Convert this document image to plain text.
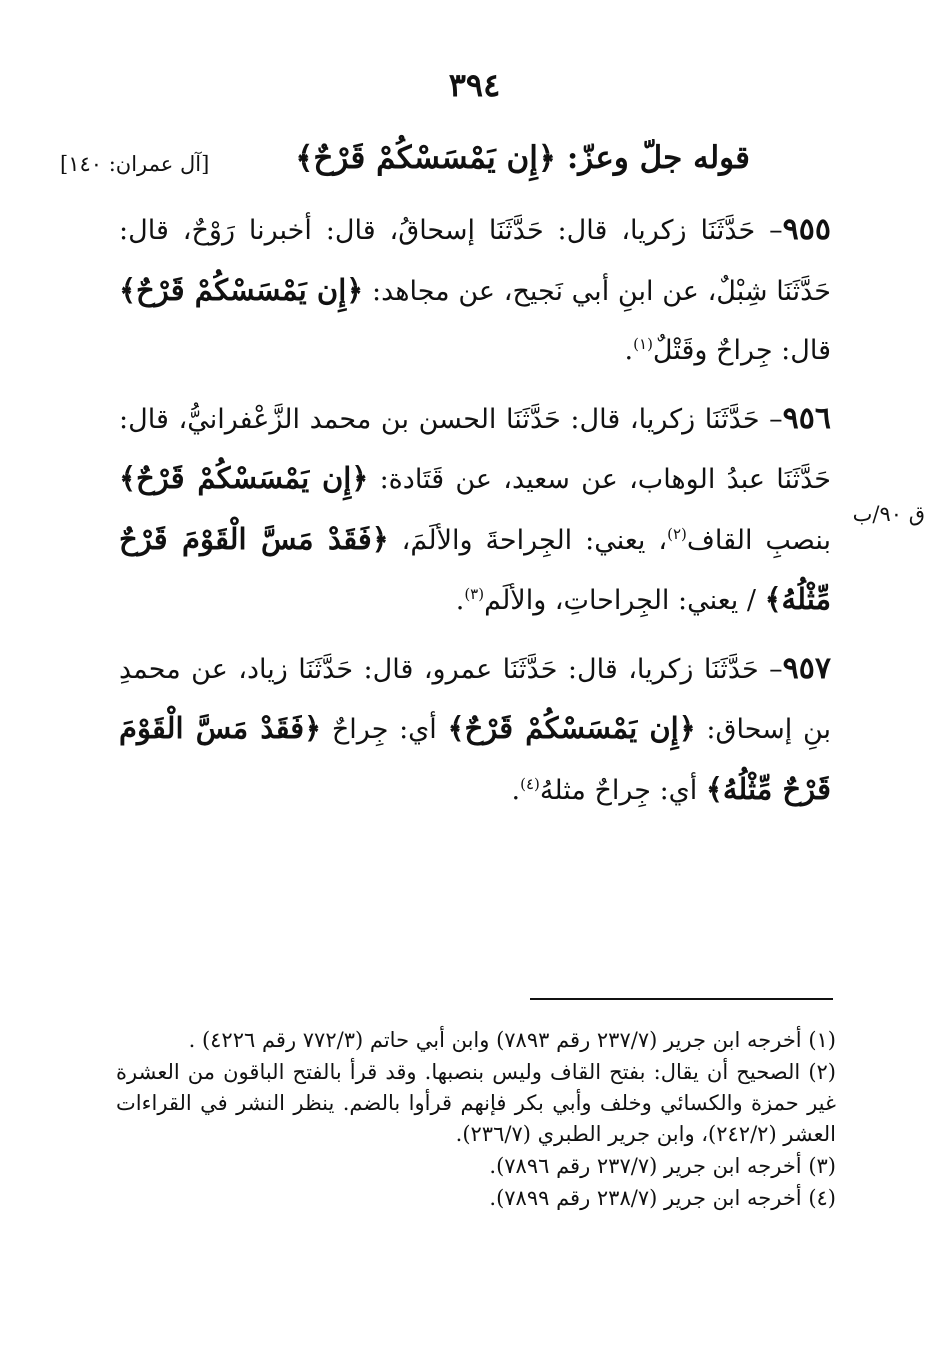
٣٩٤
قوله جلّ وعزّ: ﴿إِن يَمْسَسْكُمْ قَرْحٌ﴾
[آل عمران: ١٤٠]
ق ٩٠/ب

٩٥٥– حَدَّثَنَا زكريا، قال: حَدَّثَنَا إسحاقُ، قال: أخبرنا رَوْحٌ، قال: حَدَّثَنَا شِبْلٌ، عن ابنِ أبي نَجيح، عن مجاهد: ﴿إِن يَمْسَسْكُمْ قَرْحٌ﴾ قال: جِراحٌ وقَتْلٌ$^{(١)}$.

٩٥٦– حَدَّثَنَا زكريا، قال: حَدَّثَنَا الحسن بن محمد الزَّعْفرانيُّ، قال: حَدَّثَنَا عبدُ الوهاب، عن سعيد، عن قَتَادة: ﴿إِن يَمْسَسْكُمْ قَرْحٌ﴾ بنصبِ القاف$^{(٢)}$، يعني: الجِراحةَ والألَمَ، ﴿فَقَدْ مَسَّ الْقَوْمَ قَرْحٌ مِّثْلُهُ﴾ / يعني: الجِراحاتِ، والألَم$^{(٣)}$.

٩٥٧– حَدَّثَنَا زكريا، قال: حَدَّثَنَا عمرو، قال: حَدَّثَنَا زياد، عن محمدِ بنِ إسحاق: ﴿إِن يَمْسَسْكُمْ قَرْحٌ﴾ أي: جِراحٌ ﴿فَقَدْ مَسَّ الْقَوْمَ قَرْحٌ مِّثْلُهُ﴾ أي: جِراحٌ مثلهُ$^{(٤)}$.

(١) أخرجه ابن جرير (٢٣٧/٧ رقم ٧٨٩٣) وابن أبي حاتم (٧٧٢/٣ رقم ٤٢٢٦) .
(٢) الصحيح أن يقال: بفتح القاف وليس بنصبها. وقد قرأ بالفتح الباقون من العشرة غير حمزة والكسائي وخلف وأبي بكر فإنهم قرأوا بالضم. ينظر النشر في القراءات العشر (٢٤٢/٢)، وابن جرير الطبري (٢٣٦/٧).
(٣) أخرجه ابن جرير (٢٣٧/٧ رقم ٧٨٩٦).
(٤) أخرجه ابن جرير (٢٣٨/٧ رقم ٧٨٩٩).
